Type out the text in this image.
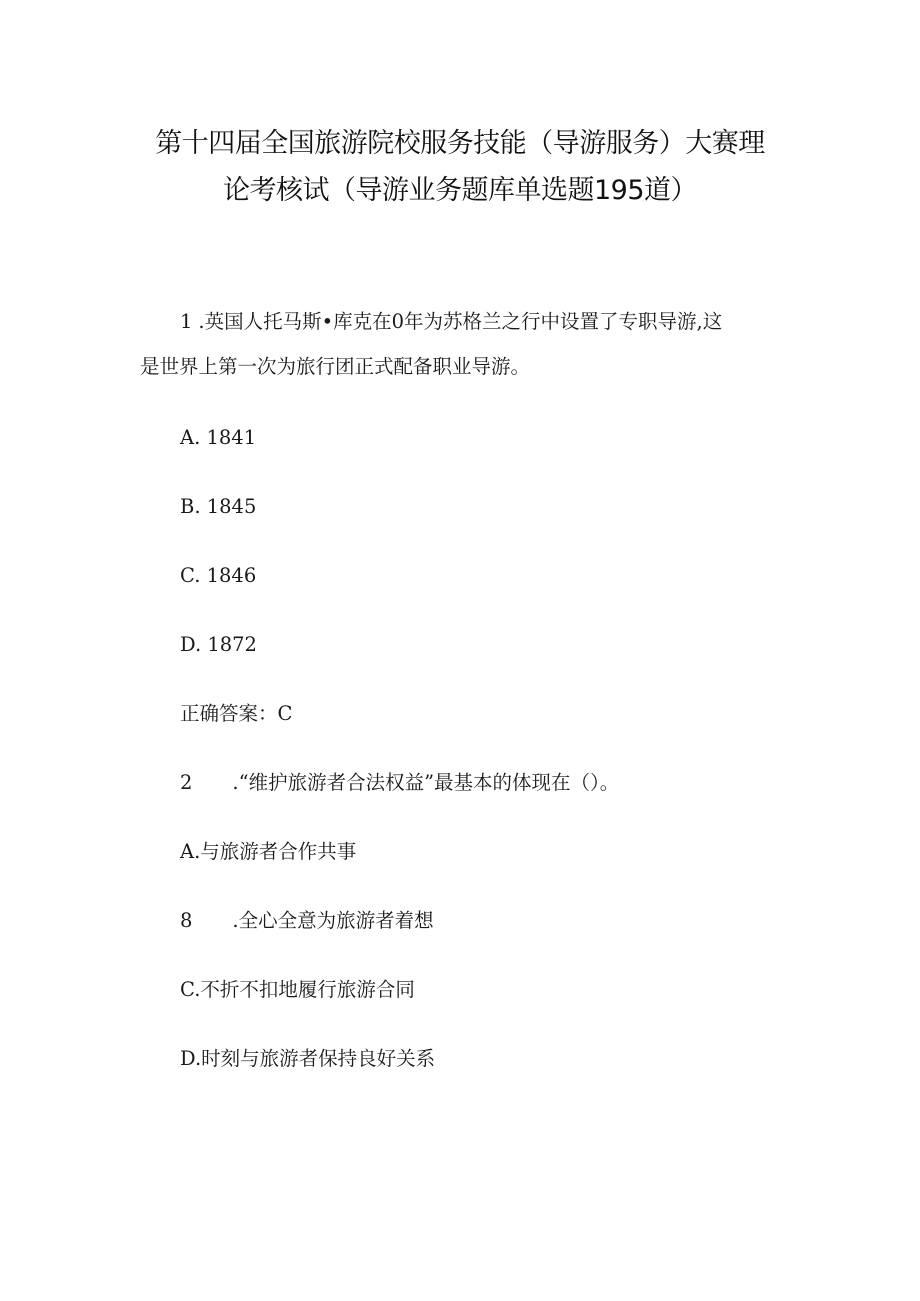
第十四届全国旅游院校服务技能（导游服务）大赛理
论考核试（导游业务题库单选题195道）
1 .英国人托马斯•库克在0年为苏格兰之行中设置了专职导游,这
是世界上第一次为旅行团正式配备职业导游。
A. 1841
B. 1845
C. 1846
D. 1872
正确答案：C
2 .“维护旅游者合法权益”最基本的体现在（）。
A.与旅游者合作共事
8 .全心全意为旅游者着想
C.不折不扣地履行旅游合同
D.时刻与旅游者保持良好关系
